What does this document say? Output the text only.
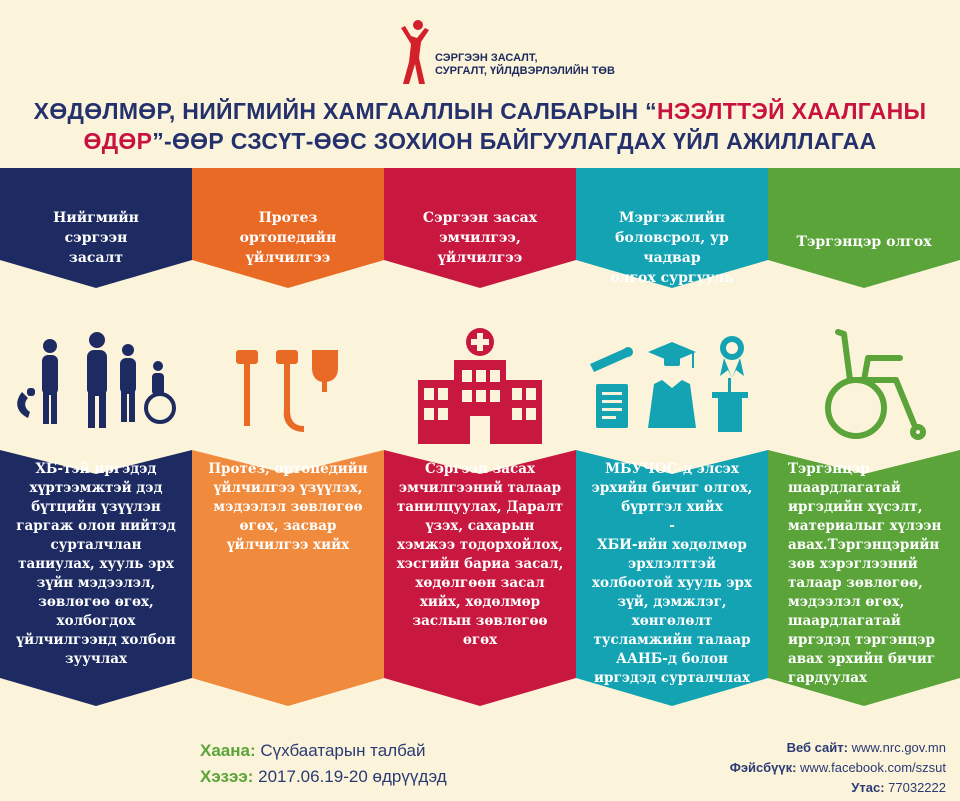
СЭРГЭЭН ЗАСАЛТ,
СУРГАЛТ, ҮЙЛДВЭРЛЭЛИЙН ТӨВ
ХӨДӨЛМӨР, НИЙГМИЙН ХАМГААЛЛЫН САЛБАРЫН “НЭЭЛТТЭЙ ХААЛГАНЫ
ӨДӨР”-ӨӨР СЗСҮТ-ӨӨС ЗОХИОН БАЙГУУЛАГДАХ ҮЙЛ АЖИЛЛАГАА
Нийгмийн
сэргээн
засалт
ХБ-тэй иргэдэд хүртээмжтэй дэд бүтцийн үзүүлэн гаргаж олон нийтэд сурталчлан таниулах, хууль эрх зүйн мэдээлэл, зөвлөгөө өгөх, холбогдох үйлчилгээнд холбон зуучлах
Протез
ортопедийн
үйлчилгээ
Протез, ортопедийн үйлчилгээ үзүүлэх, мэдээлэл зөвлөгөө өгөх, засвар үйлчилгээ хийх
Сэргээн засах
эмчилгээ,
үйлчилгээ
Сэргээн засах эмчилгээний талаар танилцуулах, Даралт үзэх, сахарын хэмжээ тодорхойлох, хэсгийн бариа засал, хөдөлгөөн засал хийх, хөдөлмөр заслын зөвлөгөө өгөх
Мэргэжлийн
боловсрол, ур чадвар
олгох сургууль
МБУЧОС-д элсэх эрхийн бичиг олгох, бүртгэл хийх
-
ХБИ-ийн хөдөлмөр эрхлэлттэй холбоотой хууль эрх зүй, дэмжлэг, хөнгөлөлт тусламжийн талаар ААНБ-д болон иргэдэд сурталчлах
Тэргэнцэр олгох
Тэргэнцэр шаардлагатай иргэдийн хүсэлт, материалыг хүлээн авах.Тэргэнцэрийн зөв хэрэглээний талаар зөвлөгөө, мэдээлэл өгөх, шаардлагатай иргэдэд тэргэнцэр авах эрхийн бичиг гардуулах
Хаана: Сүхбаатарын талбай
Хэзээ: 2017.06.19-20 өдрүүдэд
Веб сайт: www.nrc.gov.mn
Фэйсбүүк: www.facebook.com/szsut
Утас: 77032222
